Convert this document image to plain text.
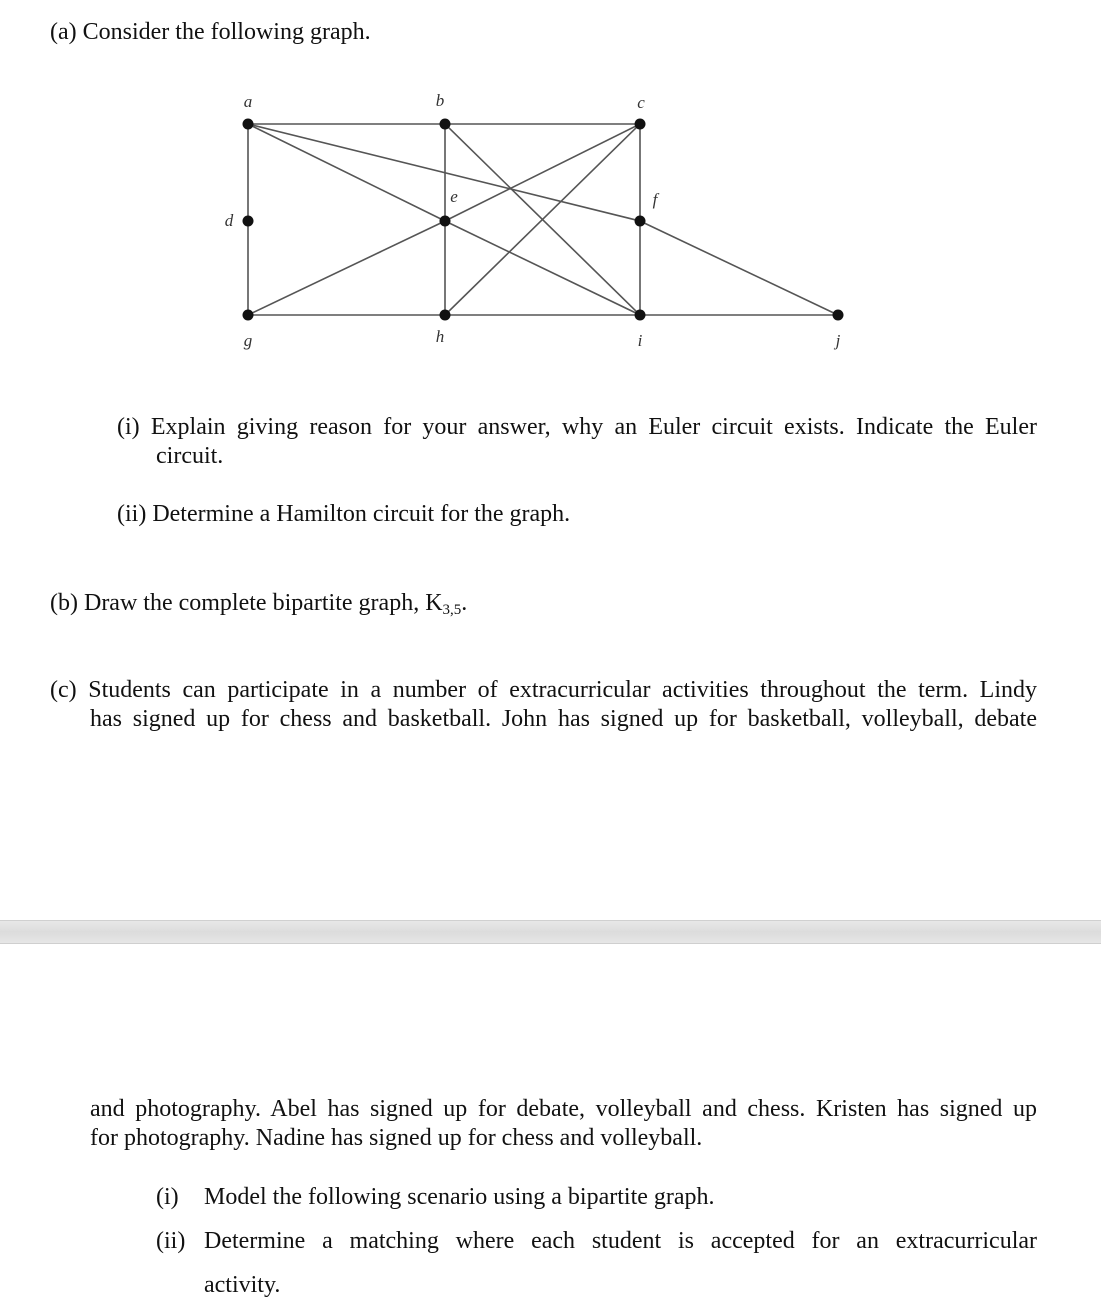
(a) Consider the following graph.
a	b	c
d
e	f
g	h	i	j
(i) Explain giving reason for your answer, why an Euler circuit exists. Indicate the Euler
circuit.
(ii) Determine a Hamilton circuit for the graph.
(b) Draw the complete bipartite graph, $K_{3,5}$.
(c) Students can participate in a number of extracurricular activities throughout the term. Lindy
has signed up for chess and basketball. John has signed up for basketball, volleyball, debate
and photography. Abel has signed up for debate, volleyball and chess. Kristen has signed up
for photography. Nadine has signed up for chess and volleyball.
(i) Model the following scenario using a bipartite graph.
(ii) Determine a matching where each student is accepted for an extracurricular
activity.
